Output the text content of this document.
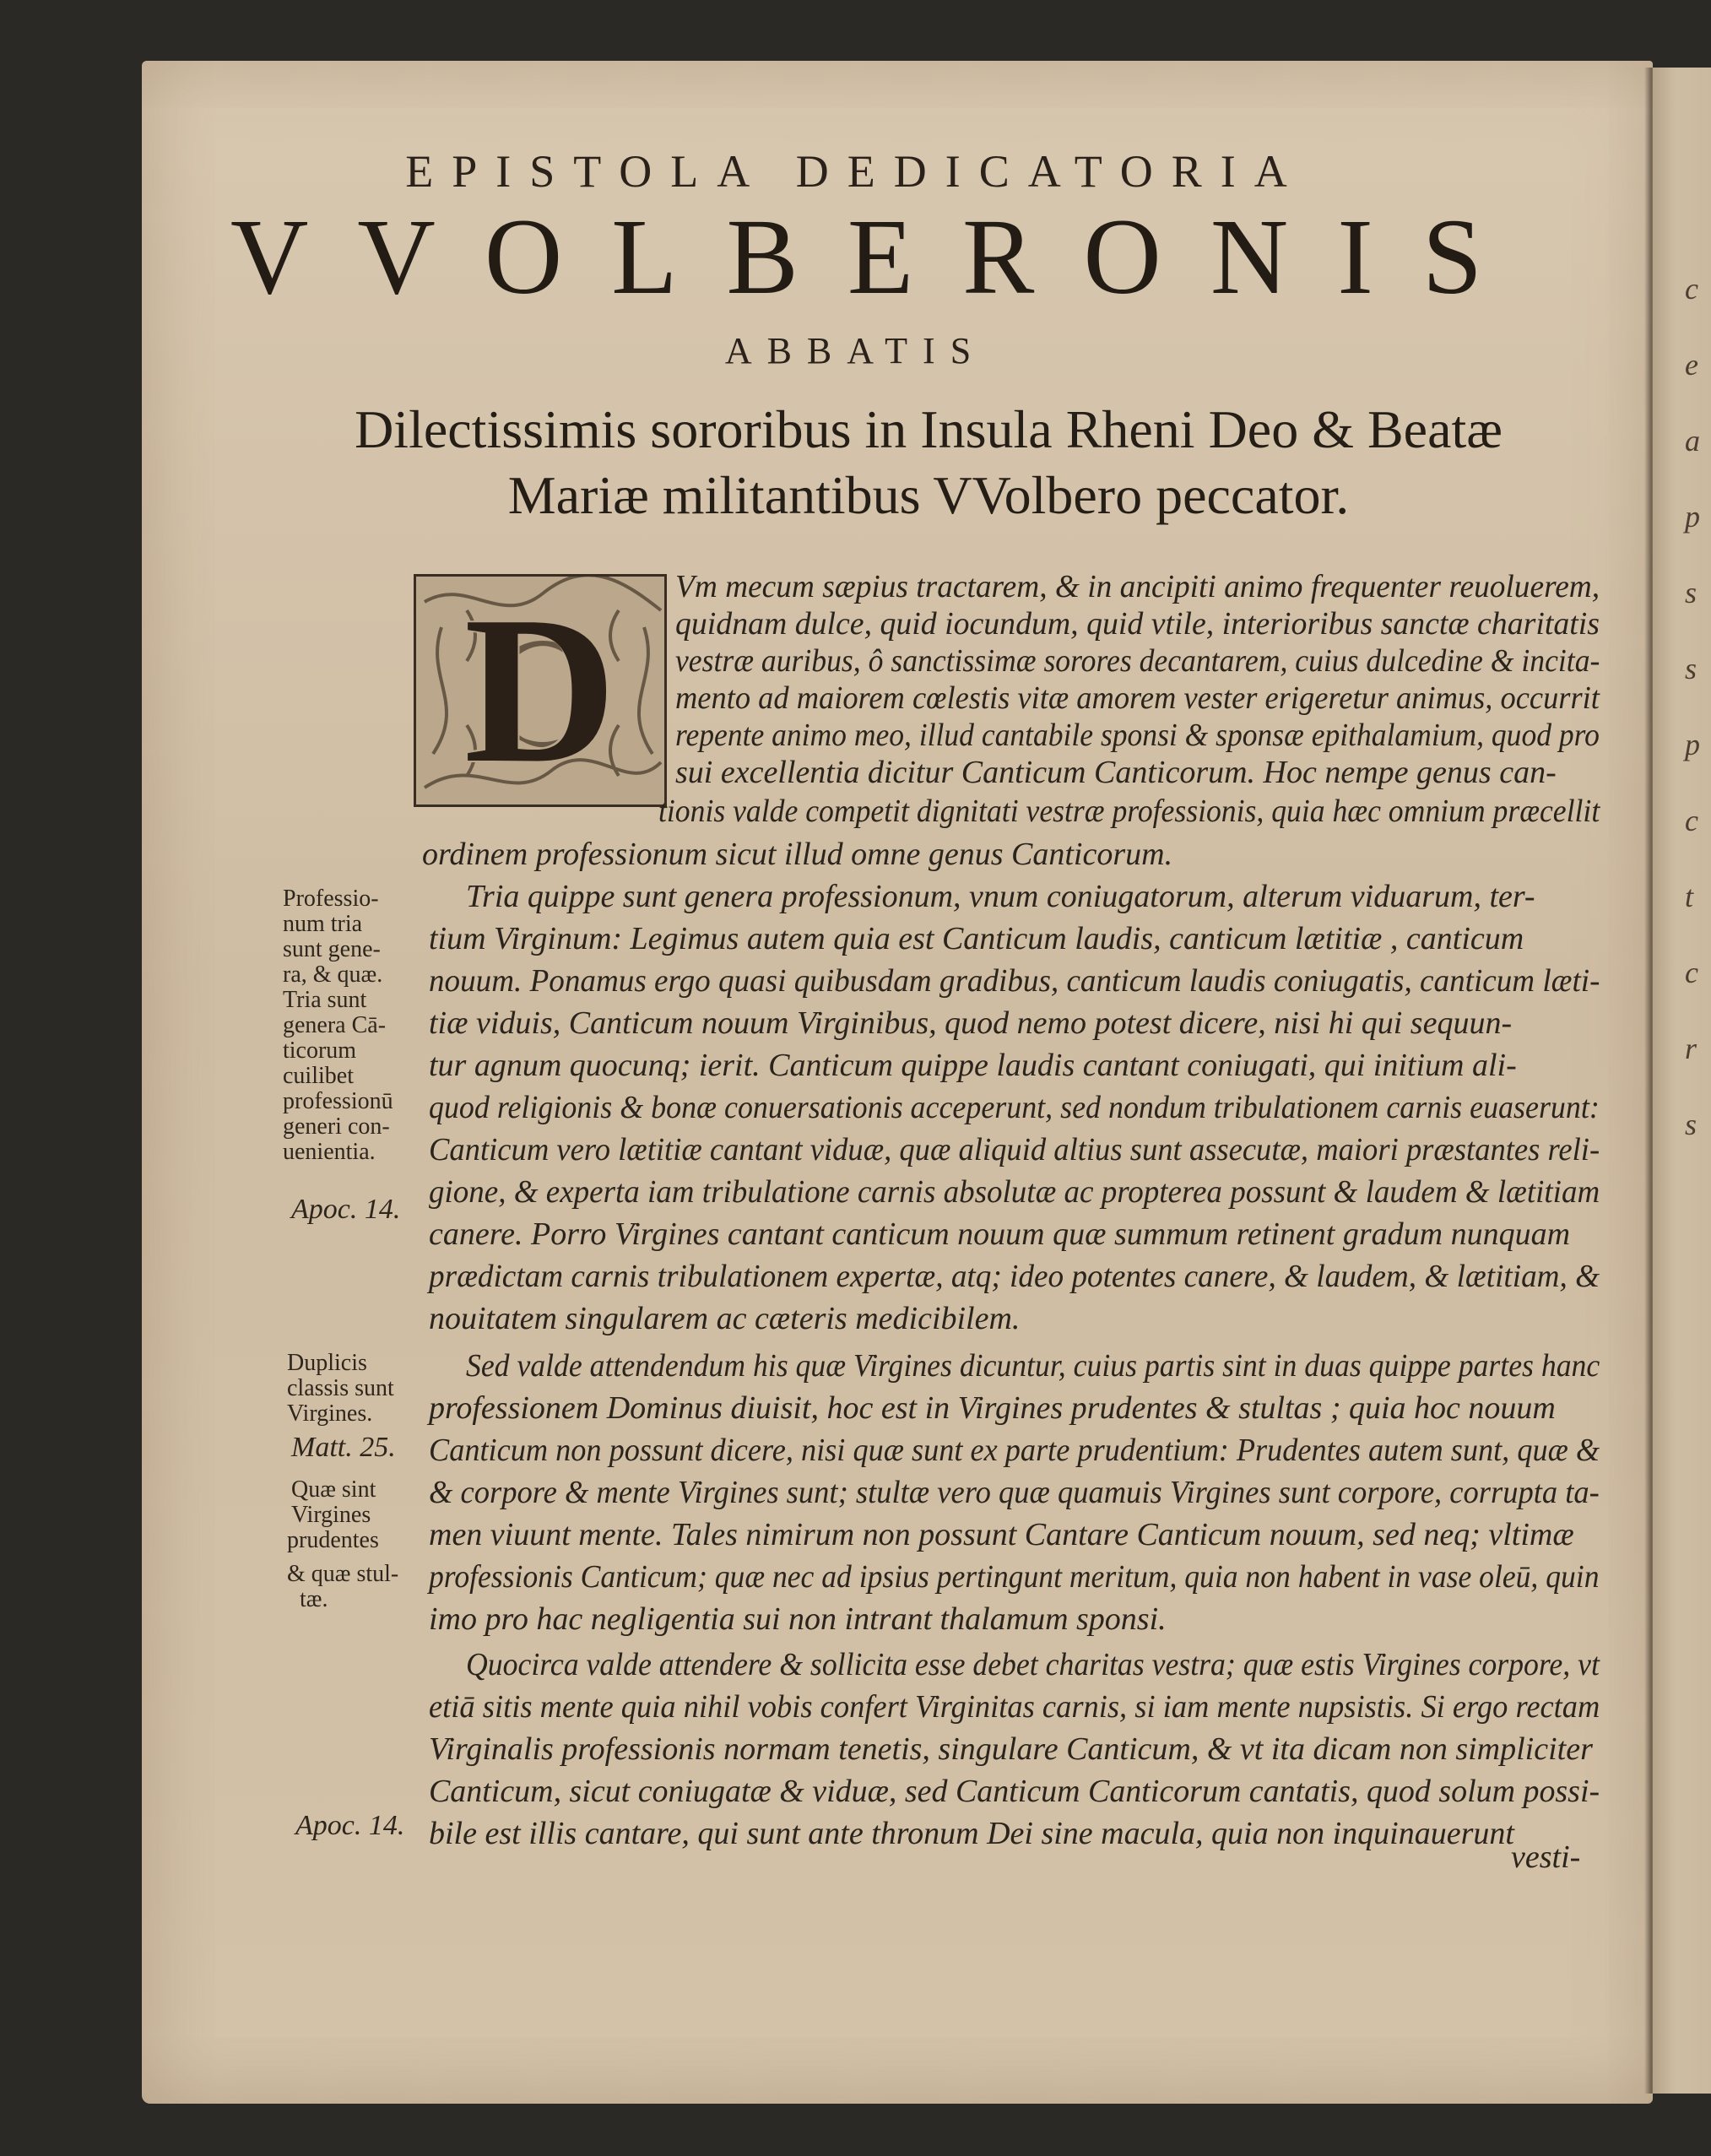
c
e
a
p
s
s
p
c
t
c
r
s
EPISTOLA DEDICATORIA
VVOLBERONIS
ABBATIS
Dilectissimis sororibus in Insula Rheni Deo & Beatæ
Mariæ militantibus VVolbero peccator.
D	Vm mecum sæpius tractarem, & in ancipiti animo frequenter reuoluerem,
quidnam dulce, quid iocundum, quid vtile, interioribus sanctæ charitatis
vestræ auribus, ô sanctissimæ sorores decantarem, cuius dulcedine & incita-
mento ad maiorem cœlestis vitæ amorem vester erigeretur animus, occurrit
repente animo meo, illud cantabile sponsi & sponsæ epithalamium, quod pro
sui excellentia dicitur Canticum Canticorum. Hoc nempe genus can-
tionis valde competit dignitati vestræ professionis, quia hæc omnium præcellit
ordinem professionum sicut illud omne genus Canticorum.
Tria quippe sunt genera professionum, vnum coniugatorum, alterum viduarum, ter-
tium Virginum: Legimus autem quia est Canticum laudis, canticum lætitiæ , canticum
nouum. Ponamus ergo quasi quibusdam gradibus, canticum laudis coniugatis, canticum læti-
tiæ viduis, Canticum nouum Virginibus, quod nemo potest dicere, nisi hi qui sequun-
tur agnum quocunq; ierit. Canticum quippe laudis cantant coniugati, qui initium ali-
quod religionis & bonæ conuersationis acceperunt, sed nondum tribulationem carnis euaserunt:
Canticum vero lætitiæ cantant viduæ, quæ aliquid altius sunt assecutæ, maiori præstantes reli-
gione, & experta iam tribulatione carnis absolutæ ac propterea possunt & laudem & lætitiam
canere. Porro Virgines cantant canticum nouum quæ summum retinent gradum nunquam
prædictam carnis tribulationem expertæ, atq; ideo potentes canere, & laudem, & lætitiam, &
nouitatem singularem ac cæteris medicibilem.
Sed valde attendendum his quæ Virgines dicuntur, cuius partis sint in duas quippe partes hanc
professionem Dominus diuisit, hoc est in Virgines prudentes & stultas ; quia hoc nouum
Canticum non possunt dicere, nisi quæ sunt ex parte prudentium: Prudentes autem sunt, quæ &
& corpore & mente Virgines sunt; stultæ vero quæ quamuis Virgines sunt corpore, corrupta ta-
men viuunt mente. Tales nimirum non possunt Cantare Canticum nouum, sed neq; vltimæ
professionis Canticum; quæ nec ad ipsius pertingunt meritum, quia non habent in vase oleū, quin
imo pro hac negligentia sui non intrant thalamum sponsi.
Quocirca valde attendere & sollicita esse debet charitas vestra; quæ estis Virgines corpore, vt
etiā sitis mente quia nihil vobis confert Virginitas carnis, si iam mente nupsistis. Si ergo rectam
Virginalis professionis normam tenetis, singulare Canticum, & vt ita dicam non simpliciter
Canticum, sicut coniugatæ & viduæ, sed Canticum Canticorum cantatis, quod solum possi-
bile est illis cantare, qui sunt ante thronum Dei sine macula, quia non inquinauerunt
vesti-
Professio-
num tria
sunt gene-
ra, & quæ.
Tria sunt
genera Cā-
ticorum
cuilibet
professionū
generi con-
uenientia.
Apoc. 14.
Duplicis
classis sunt
Virgines.
Matt. 25.
Quæ sint
Virgines
prudentes
& quæ stul-
tæ.
Apoc. 14.
